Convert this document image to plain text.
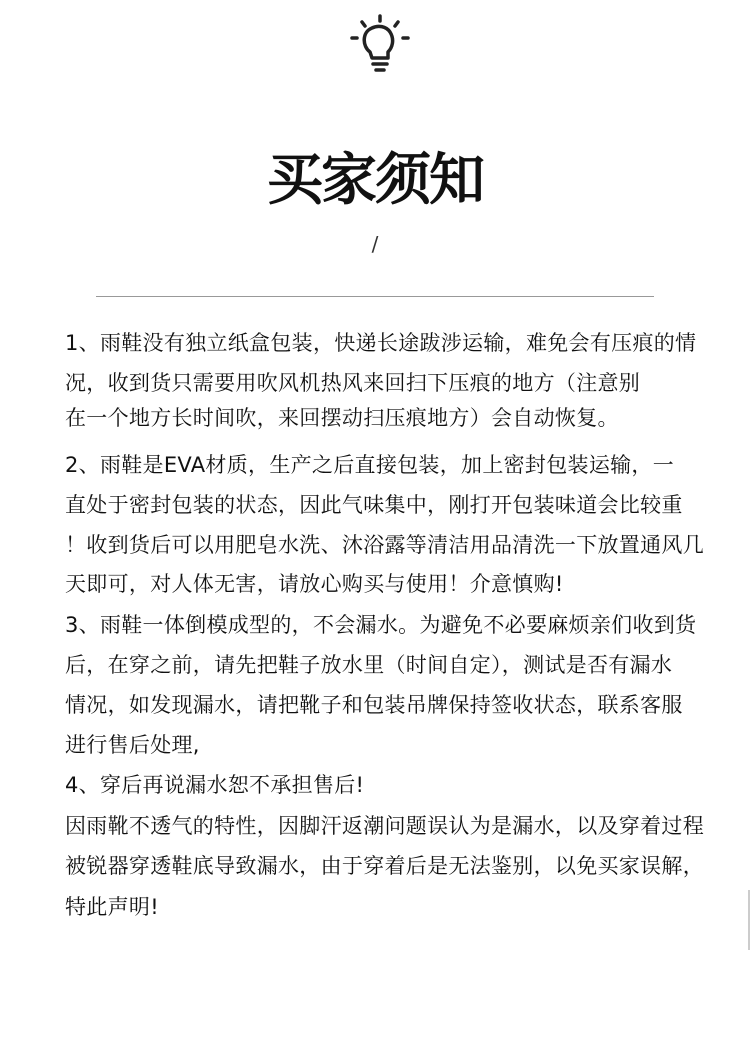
买家须知
/
1、雨鞋没有独立纸盒包装，快递长途跋涉运输，难免会有压痕的情
况，收到货只需要用吹风机热风来回扫下压痕的地方（注意别
在一个地方长时间吹，来回摆动扫压痕地方）会自动恢复。
2、雨鞋是EVA材质，生产之后直接包装，加上密封包装运输，一
直处于密封包装的状态，因此气味集中，刚打开包装味道会比较重
！收到货后可以用肥皂水洗、沐浴露等清洁用品清洗一下放置通风几
天即可，对人体无害，请放心购买与使用！介意慎购!
3、雨鞋一体倒模成型的，不会漏水。为避免不必要麻烦亲们收到货
后，在穿之前，请先把鞋子放水里（时间自定），测试是否有漏水
情况，如发现漏水，请把靴子和包装吊牌保持签收状态，联系客服
进行售后处理,
4、穿后再说漏水恕不承担售后!
因雨靴不透气的特性，因脚汗返潮问题误认为是漏水，以及穿着过程
被锐器穿透鞋底导致漏水，由于穿着后是无法鉴别，以免买家误解，
特此声明!
